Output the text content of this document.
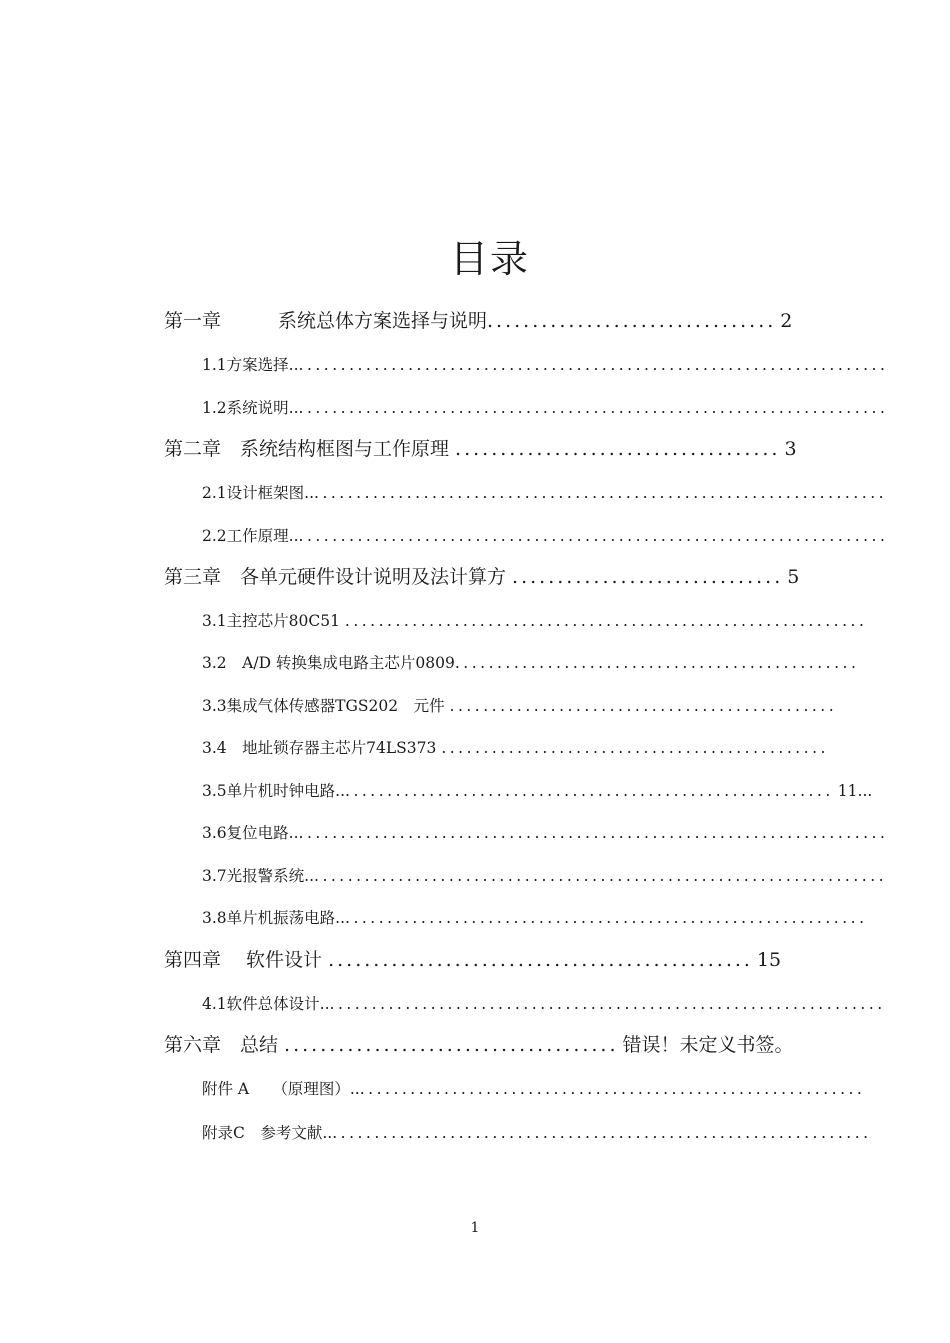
目录
第一章　　　系统总体方案选择与说明................................ 2
1.1方案选择........................................................................
1.2系统说明........................................................................
第二章　系统结构框图与工作原理 .................................... 3
2.1设计框架图......................................................................
2.2工作原理........................................................................
第三章　各单元硬件设计说明及法计算方 .............................. 5
3.1主控芯片80C51 ..............................................................
3.2　A/D 转换集成电路主芯片0809................................................
3.3集成气体传感器TGS202　元件 ..............................................
3.4　地址锁存器主芯片74LS373 ..............................................
3.5单片机时钟电路............................................................ 11...
3.6复位电路........................................................................
3.7光报警系统......................................................................
3.8单片机振荡电路................................................................
第四章　 软件设计 ............................................... 15
4.1软件总体设计....................................................................
第六章　总结 ..................................... 错误！未定义书签。
附件 A　　（原理图）..............................................................
附录C　参考文献..................................................................
1
